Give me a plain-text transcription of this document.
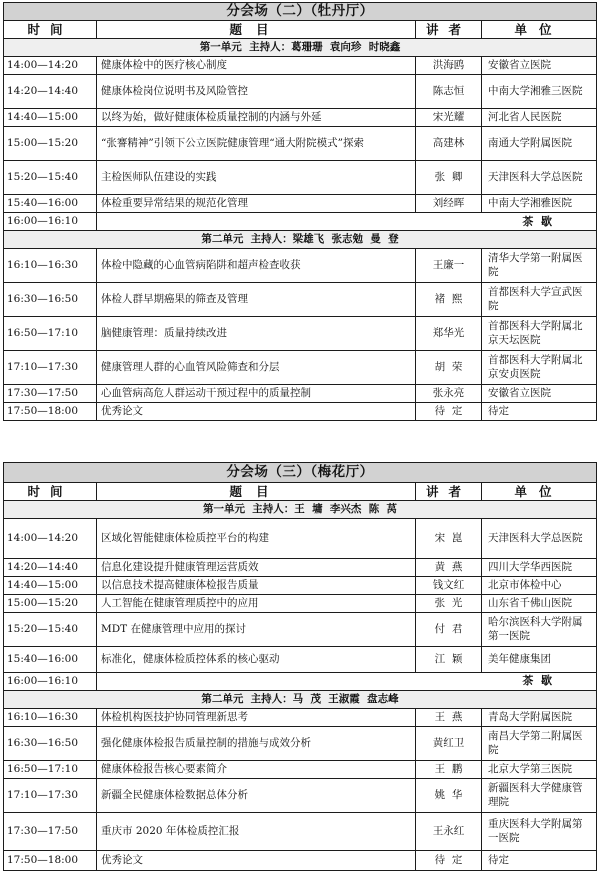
分会场（二）（牡丹厅）			
时间	题目	讲者	单位
第一单元  主持人：葛珊珊  袁向珍  时晓鑫			
14:00—14:20	健康体检中的医疗核心制度	洪海鸥	安徽省立医院
14:20—14:40	健康体检岗位说明书及风险管控	陈志恒	中南大学湘雅三医院
14:40—15:00	以终为始，做好健康体检质量控制的内涵与外延	宋光耀	河北省人民医院
15:00—15:20	“张謇精神”引领下公立医院健康管理“通大附院模式”探索	高建林	南通大学附属医院
15:20—15:40	主检医师队伍建设的实践	张  卿	天津医科大学总医院
15:40—16:00	体检重要异常结果的规范化管理	刘经晖	中南大学湘雅医院
16:00—16:10	茶  歇		
第二单元  主持人：梁雄飞  张志勉  曼  登			
16:10—16:30	体检中隐藏的心血管病陷阱和超声检查收获	王廉一	清华大学第一附属医院
16:30—16:50	体检人群早期癌果的筛查及管理	褚  熙	首都医科大学宣武医院
16:50—17:10	脑健康管理：质量持续改进	郑华光	首都医科大学附属北京天坛医院
17:10—17:30	健康管理人群的心血管风险筛查和分层	胡  荣	首都医科大学附属北京安贞医院
17:30—17:50	心血管病高危人群运动干预过程中的质量控制	张永亮	安徽省立医院
17:50—18:00	优秀论文	待  定	待定
分会场（三）（梅花厅）			
时间	题目	讲者	单位
第一单元  主持人：王  墉  李兴杰  陈  莴			
14:00—14:20	区域化智能健康体检质控平台的构建	宋  崑	天津医科大学总医院
14:20—14:40	信息化建设提升健康管理运营质效	黄  燕	四川大学华西医院
14:40—15:00	以信息技术提高健康体检报告质量	钱文红	北京市体检中心
15:00—15:20	人工智能在健康管理质控中的应用	张  光	山东省千佛山医院
15:20—15:40	MDT 在健康管理中应用的探讨	付  君	哈尔滨医科大学附属第一医院
15:40—16:00	标准化，健康体检质控体系的核心驱动	江  颖	美年健康集团
16:00—16:10	茶  歇		
第二单元  主持人：马  茂  王淑霞  盘志峰			
16:10—16:30	体检机构医技护协同管理新思考	王  燕	青岛大学附属医院
16:30—16:50	强化健康体检报告质量控制的措施与成效分析	黄红卫	南昌大学第二附属医院
16:50—17:10	健康体检报告核心要素简介	王  鹏	北京大学第三医院
17:10—17:30	新疆全民健康体检数据总体分析	姚  华	新疆医科大学健康管理院
17:30—17:50	重庆市 2020 年体检质控汇报	王永红	重庆医科大学附属第一医院
17:50—18:00	优秀论文	待  定	待定
